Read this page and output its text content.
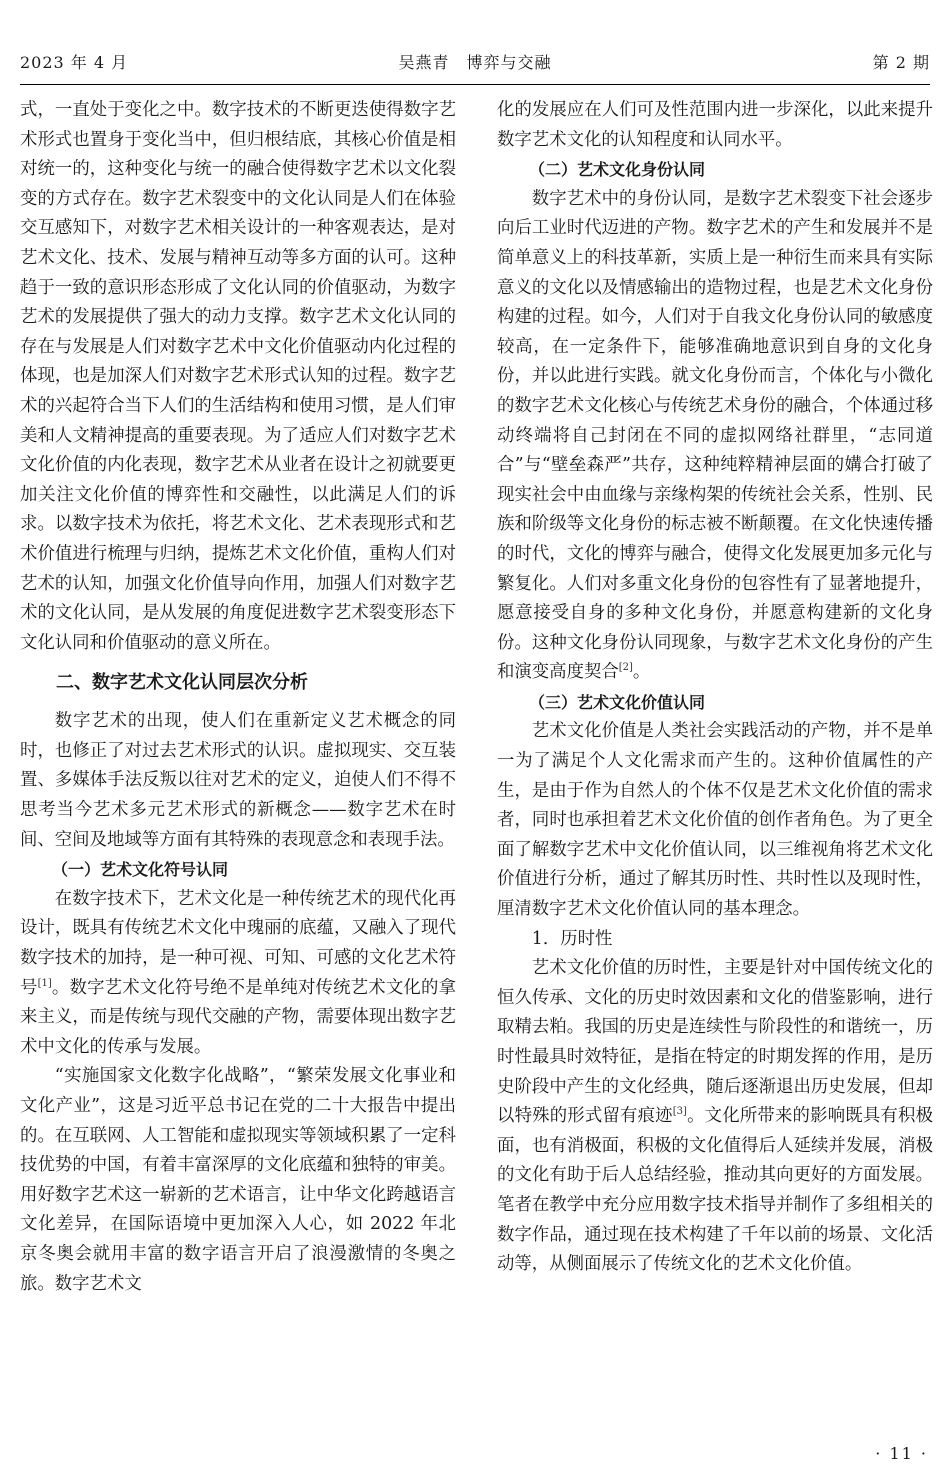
2023 年 4 月	吴燕青　博弈与交融	第 2 期

式，一直处于变化之中。数字技术的不断更迭使得数字艺术形式也置身于变化当中，但归根结底，其核心价值是相对统一的，这种变化与统一的融合使得数字艺术以文化裂变的方式存在。数字艺术裂变中的文化认同是人们在体验交互感知下，对数字艺术相关设计的一种客观表达，是对艺术文化、技术、发展与精神互动等多方面的认可。这种趋于一致的意识形态形成了文化认同的价值驱动，为数字艺术的发展提供了强大的动力支撑。数字艺术文化认同的存在与发展是人们对数字艺术中文化价值驱动内化过程的体现，也是加深人们对数字艺术形式认知的过程。数字艺术的兴起符合当下人们的生活结构和使用习惯，是人们审美和人文精神提高的重要表现。为了适应人们对数字艺术文化价值的内化表现，数字艺术从业者在设计之初就要更加关注文化价值的博弈性和交融性，以此满足人们的诉求。以数字技术为依托，将艺术文化、艺术表现形式和艺术价值进行梳理与归纳，提炼艺术文化价值，重构人们对艺术的认知，加强文化价值导向作用，加强人们对数字艺术的文化认同，是从发展的角度促进数字艺术裂变形态下文化认同和价值驱动的意义所在。

二、数字艺术文化认同层次分析

数字艺术的出现，使人们在重新定义艺术概念的同时，也修正了对过去艺术形式的认识。虚拟现实、交互装置、多媒体手法反叛以往对艺术的定义，迫使人们不得不思考当今艺术多元艺术形式的新概念——数字艺术在时间、空间及地域等方面有其特殊的表现意念和表现手法。

（一）艺术文化符号认同

在数字技术下，艺术文化是一种传统艺术的现代化再设计，既具有传统艺术文化中瑰丽的底蕴，又融入了现代数字技术的加持，是一种可视、可知、可感的文化艺术符号[1]。数字艺术文化符号绝不是单纯对传统艺术文化的拿来主义，而是传统与现代交融的产物，需要体现出数字艺术中文化的传承与发展。

“实施国家文化数字化战略”，“繁荣发展文化事业和文化产业”，这是习近平总书记在党的二十大报告中提出的。在互联网、人工智能和虚拟现实等领域积累了一定科技优势的中国，有着丰富深厚的文化底蕴和独特的审美。用好数字艺术这一崭新的艺术语言，让中华文化跨越语言文化差异，在国际语境中更加深入人心，如 2022 年北京冬奥会就用丰富的数字语言开启了浪漫激情的冬奥之旅。数字艺术文

化的发展应在人们可及性范围内进一步深化，以此来提升数字艺术文化的认知程度和认同水平。

（二）艺术文化身份认同

数字艺术中的身份认同，是数字艺术裂变下社会逐步向后工业时代迈进的产物。数字艺术的产生和发展并不是简单意义上的科技革新，实质上是一种衍生而来具有实际意义的文化以及情感输出的造物过程，也是艺术文化身份构建的过程。如今，人们对于自我文化身份认同的敏感度较高，在一定条件下，能够准确地意识到自身的文化身份，并以此进行实践。就文化身份而言，个体化与小微化的数字艺术文化核心与传统艺术身份的融合，个体通过移动终端将自己封闭在不同的虚拟网络社群里，“志同道合”与“壁垒森严”共存，这种纯粹精神层面的媾合打破了现实社会中由血缘与亲缘构架的传统社会关系，性别、民族和阶级等文化身份的标志被不断颠覆。在文化快速传播的时代，文化的博弈与融合，使得文化发展更加多元化与繁复化。人们对多重文化身份的包容性有了显著地提升，愿意接受自身的多种文化身份，并愿意构建新的文化身份。这种文化身份认同现象，与数字艺术文化身份的产生和演变高度契合[2]。

（三）艺术文化价值认同

艺术文化价值是人类社会实践活动的产物，并不是单一为了满足个人文化需求而产生的。这种价值属性的产生，是由于作为自然人的个体不仅是艺术文化价值的需求者，同时也承担着艺术文化价值的创作者角色。为了更全面了解数字艺术中文化价值认同，以三维视角将艺术文化价值进行分析，通过了解其历时性、共时性以及现时性，厘清数字艺术文化价值认同的基本理念。

1．历时性

艺术文化价值的历时性，主要是针对中国传统文化的恒久传承、文化的历史时效因素和文化的借鉴影响，进行取精去粕。我国的历史是连续性与阶段性的和谐统一，历时性最具时效特征，是指在特定的时期发挥的作用，是历史阶段中产生的文化经典，随后逐渐退出历史发展，但却以特殊的形式留有痕迹[3]。文化所带来的影响既具有积极面，也有消极面，积极的文化值得后人延续并发展，消极的文化有助于后人总结经验，推动其向更好的方面发展。笔者在教学中充分应用数字技术指导并制作了多组相关的数字作品，通过现在技术构建了千年以前的场景、文化活动等，从侧面展示了传统文化的艺术文化价值。

· 11 ·
